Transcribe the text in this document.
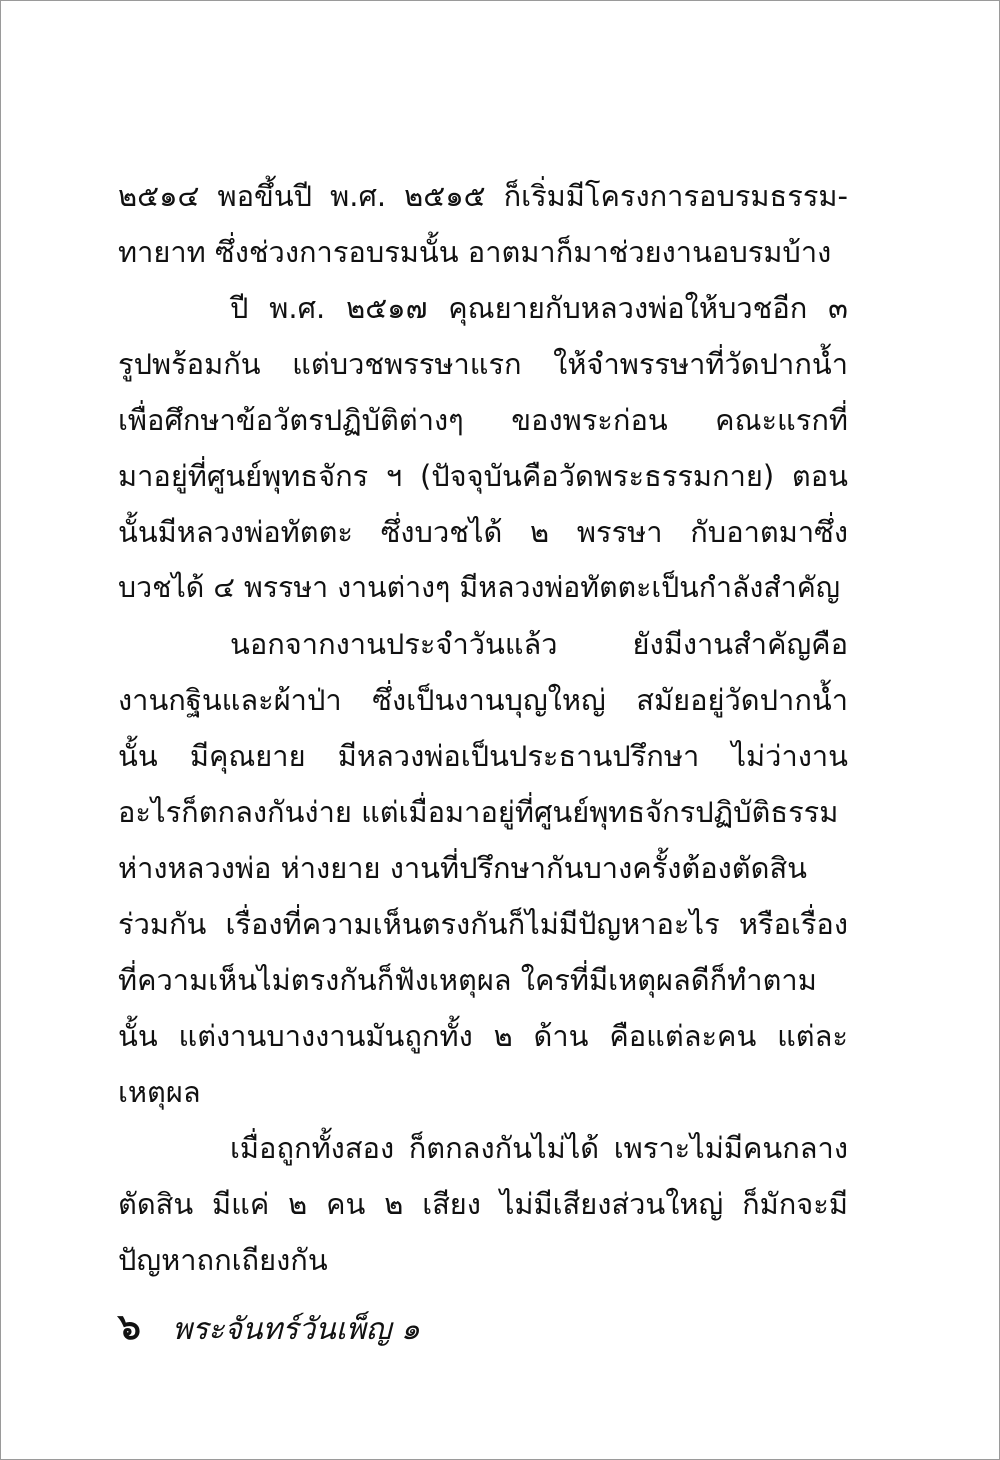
๒๕๑๔ พอขึ้นปี พ.ศ. ๒๕๑๕ ก็เริ่มมีโครงการอบรมธรรม-
ทายาท ซึ่งช่วงการอบรมนั้น อาตมาก็มาช่วยงานอบรมบ้าง
ปี พ.ศ. ๒๕๑๗ คุณยายกับหลวงพ่อให้บวชอีก ๓
รูปพร้อมกัน แต่บวชพรรษาแรก ให้จำพรรษาที่วัดปากน้ำ
เพื่อศึกษาข้อวัตรปฏิบัติต่างๆ ของพระก่อน คณะแรกที่
มาอยู่ที่ศูนย์พุทธจักร ฯ (ปัจจุบันคือวัดพระธรรมกาย) ตอน
นั้นมีหลวงพ่อทัตตะ ซึ่งบวชได้ ๒ พรรษา กับอาตมาซึ่ง
บวชได้ ๔ พรรษา งานต่างๆ มีหลวงพ่อทัตตะเป็นกำลังสำคัญ
นอกจากงานประจำวันแล้ว ยังมีงานสำคัญคือ
งานกฐินและผ้าป่า ซึ่งเป็นงานบุญใหญ่ สมัยอยู่วัดปากน้ำ
นั้น มีคุณยาย มีหลวงพ่อเป็นประธานปรึกษา ไม่ว่างาน
อะไรก็ตกลงกันง่าย แต่เมื่อมาอยู่ที่ศูนย์พุทธจักรปฏิบัติธรรม
ห่างหลวงพ่อ ห่างยาย งานที่ปรึกษากันบางครั้งต้องตัดสิน
ร่วมกัน เรื่องที่ความเห็นตรงกันก็ไม่มีปัญหาอะไร หรือเรื่อง
ที่ความเห็นไม่ตรงกันก็ฟังเหตุผล ใครที่มีเหตุผลดีก็ทำตาม
นั้น แต่งานบางงานมันถูกทั้ง ๒ ด้าน คือแต่ละคน แต่ละ
เหตุผล
เมื่อถูกทั้งสอง ก็ตกลงกันไม่ได้ เพราะไม่มีคนกลาง
ตัดสิน มีแค่ ๒ คน ๒ เสียง ไม่มีเสียงส่วนใหญ่ ก็มักจะมี
ปัญหาถกเถียงกัน
๖ พระจันทร์วันเพ็ญ ๑
